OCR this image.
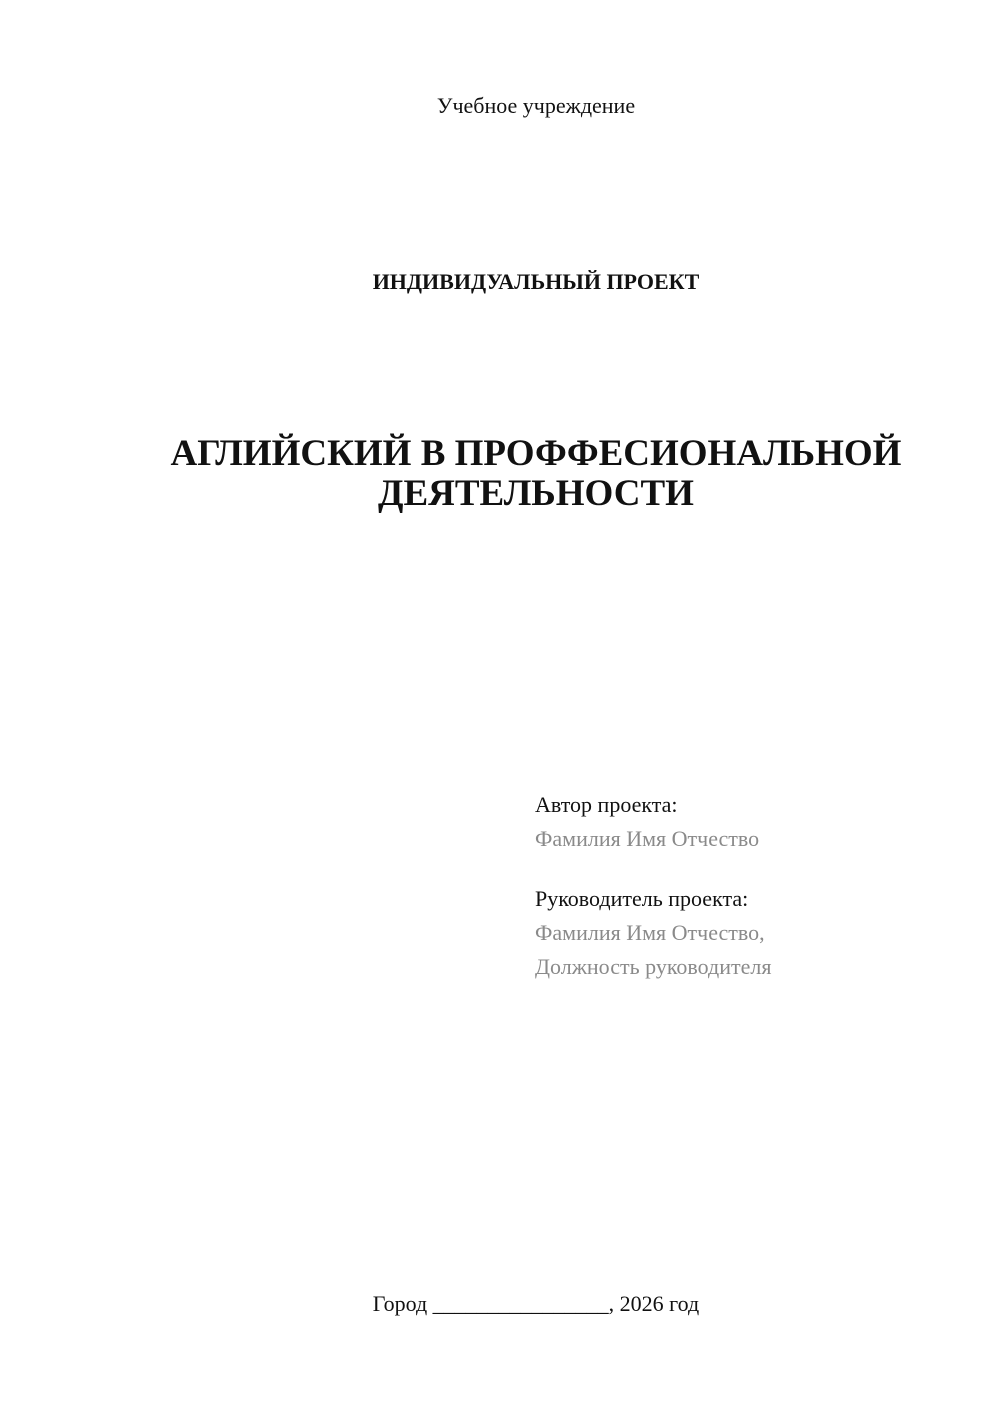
Учебное учреждение
ИНДИВИДУАЛЬНЫЙ ПРОЕКТ
АГЛИЙСКИЙ В ПРОФФЕСИОНАЛЬНОЙ
ДЕЯТЕЛЬНОСТИ
Автор проекта:
Фамилия Имя Отчество
Руководитель проекта:
Фамилия Имя Отчество,
Должность руководителя
Город ________________, 2026 год
